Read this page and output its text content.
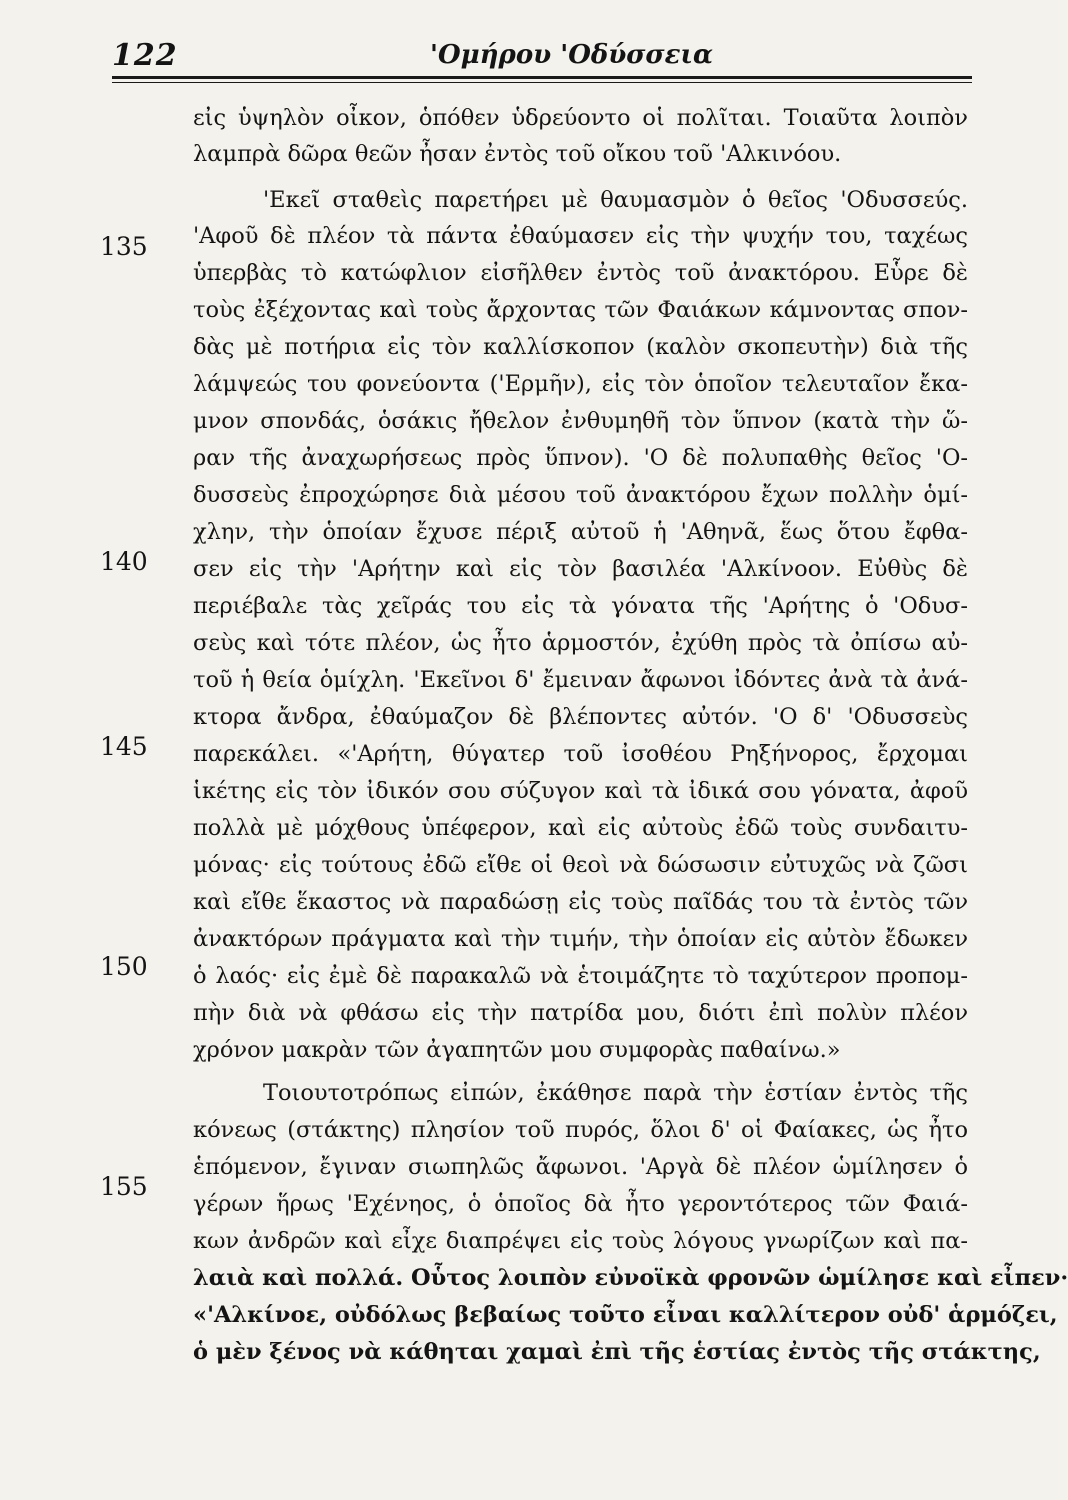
122	'Ομήρου 'Οδύσσεια
135
140
145
150
155
εἰς ὑψηλὸν οἶκον, ὁπόθεν ὑδρεύοντο οἱ πολῖται. Τοιαῦτα λοιπὸν
λαμπρὰ δῶρα θεῶν ἦσαν ἐντὸς τοῦ οἴκου τοῦ 'Αλκινόου.
'Εκεῖ σταθεὶς παρετήρει μὲ θαυμασμὸν ὁ θεῖος 'Οδυσσεύς.
'Αφοῦ δὲ πλέον τὰ πάντα ἐθαύμασεν εἰς τὴν ψυχήν του, ταχέως
ὑπερβὰς τὸ κατώφλιον εἰσῆλθεν ἐντὸς τοῦ ἀνακτόρου. Εὗρε δὲ
τοὺς ἐξέχοντας καὶ τοὺς ἄρχοντας τῶν Φαιάκων κάμνοντας σπον-
δὰς μὲ ποτήρια εἰς τὸν καλλίσκοπον (καλὸν σκοπευτὴν) διὰ τῆς
λάμψεώς του φονεύοντα ('Ερμῆν), εἰς τὸν ὁποῖον τελευταῖον ἔκα-
μνον σπονδάς, ὁσάκις ἤθελον ἐνθυμηθῆ τὸν ὕπνον (κατὰ τὴν ὥ-
ραν τῆς ἀναχωρήσεως πρὸς ὕπνον). 'Ο δὲ πολυπαθὴς θεῖος 'Ο-
δυσσεὺς ἐπροχώρησε διὰ μέσου τοῦ ἀνακτόρου ἔχων πολλὴν ὁμί-
χλην, τὴν ὁποίαν ἔχυσε πέριξ αὐτοῦ ἡ 'Αθηνᾶ, ἕως ὅτου ἔφθα-
σεν εἰς τὴν 'Αρήτην καὶ εἰς τὸν βασιλέα 'Αλκίνοον. Εὐθὺς δὲ
περιέβαλε τὰς χεῖράς του εἰς τὰ γόνατα τῆς 'Αρήτης ὁ 'Οδυσ-
σεὺς καὶ τότε πλέον, ὡς ἦτο ἁρμοστόν, ἐχύθη πρὸς τὰ ὀπίσω αὐ-
τοῦ ἡ θεία ὁμίχλη. 'Εκεῖνοι δ' ἔμειναν ἄφωνοι ἰδόντες ἀνὰ τὰ ἀνά-
κτορα ἄνδρα, ἐθαύμαζον δὲ βλέποντες αὐτόν. 'Ο δ' 'Οδυσσεὺς
παρεκάλει. «'Αρήτη, θύγατερ τοῦ ἰσοθέου Ρηξήνορος, ἔρχομαι
ἱκέτης εἰς τὸν ἰδικόν σου σύζυγον καὶ τὰ ἰδικά σου γόνατα, ἀφοῦ
πολλὰ μὲ μόχθους ὑπέφερον, καὶ εἰς αὐτοὺς ἐδῶ τοὺς συνδαιτυ-
μόνας· εἰς τούτους ἐδῶ εἴθε οἱ θεοὶ νὰ δώσωσιν εὐτυχῶς νὰ ζῶσι
καὶ εἴθε ἕκαστος νὰ παραδώσῃ εἰς τοὺς παῖδάς του τὰ ἐντὸς τῶν
ἀνακτόρων πράγματα καὶ τὴν τιμήν, τὴν ὁποίαν εἰς αὐτὸν ἔδωκεν
ὁ λαός· εἰς ἐμὲ δὲ παρακαλῶ νὰ ἑτοιμάζητε τὸ ταχύτερον προπομ-
πὴν διὰ νὰ φθάσω εἰς τὴν πατρίδα μου, διότι ἐπὶ πολὺν πλέον
χρόνον μακρὰν τῶν ἀγαπητῶν μου συμφορὰς παθαίνω.»
Τοιουτοτρόπως εἰπών, ἐκάθησε παρὰ τὴν ἑστίαν ἐντὸς τῆς
κόνεως (στάκτης) πλησίον τοῦ πυρός, ὅλοι δ' οἱ Φαίακες, ὡς ἦτο
ἑπόμενον, ἔγιναν σιωπηλῶς ἄφωνοι. 'Αργὰ δὲ πλέον ὡμίλησεν ὁ
γέρων ἥρως 'Εχένηος, ὁ ὁποῖος δὰ ἦτο γεροντότερος τῶν Φαιά-
κων ἀνδρῶν καὶ εἶχε διαπρέψει εἰς τοὺς λόγους γνωρίζων καὶ πα-
λαιὰ καὶ πολλά. Οὗτος λοιπὸν εὐνοϊκὰ φρονῶν ὡμίλησε καὶ εἶπεν·
«'Αλκίνοε, οὐδόλως βεβαίως τοῦτο εἶναι καλλίτερον οὐδ' ἁρμόζει,
ὁ μὲν ξένος νὰ κάθηται χαμαὶ ἐπὶ τῆς ἑστίας ἐντὸς τῆς στάκτης,
